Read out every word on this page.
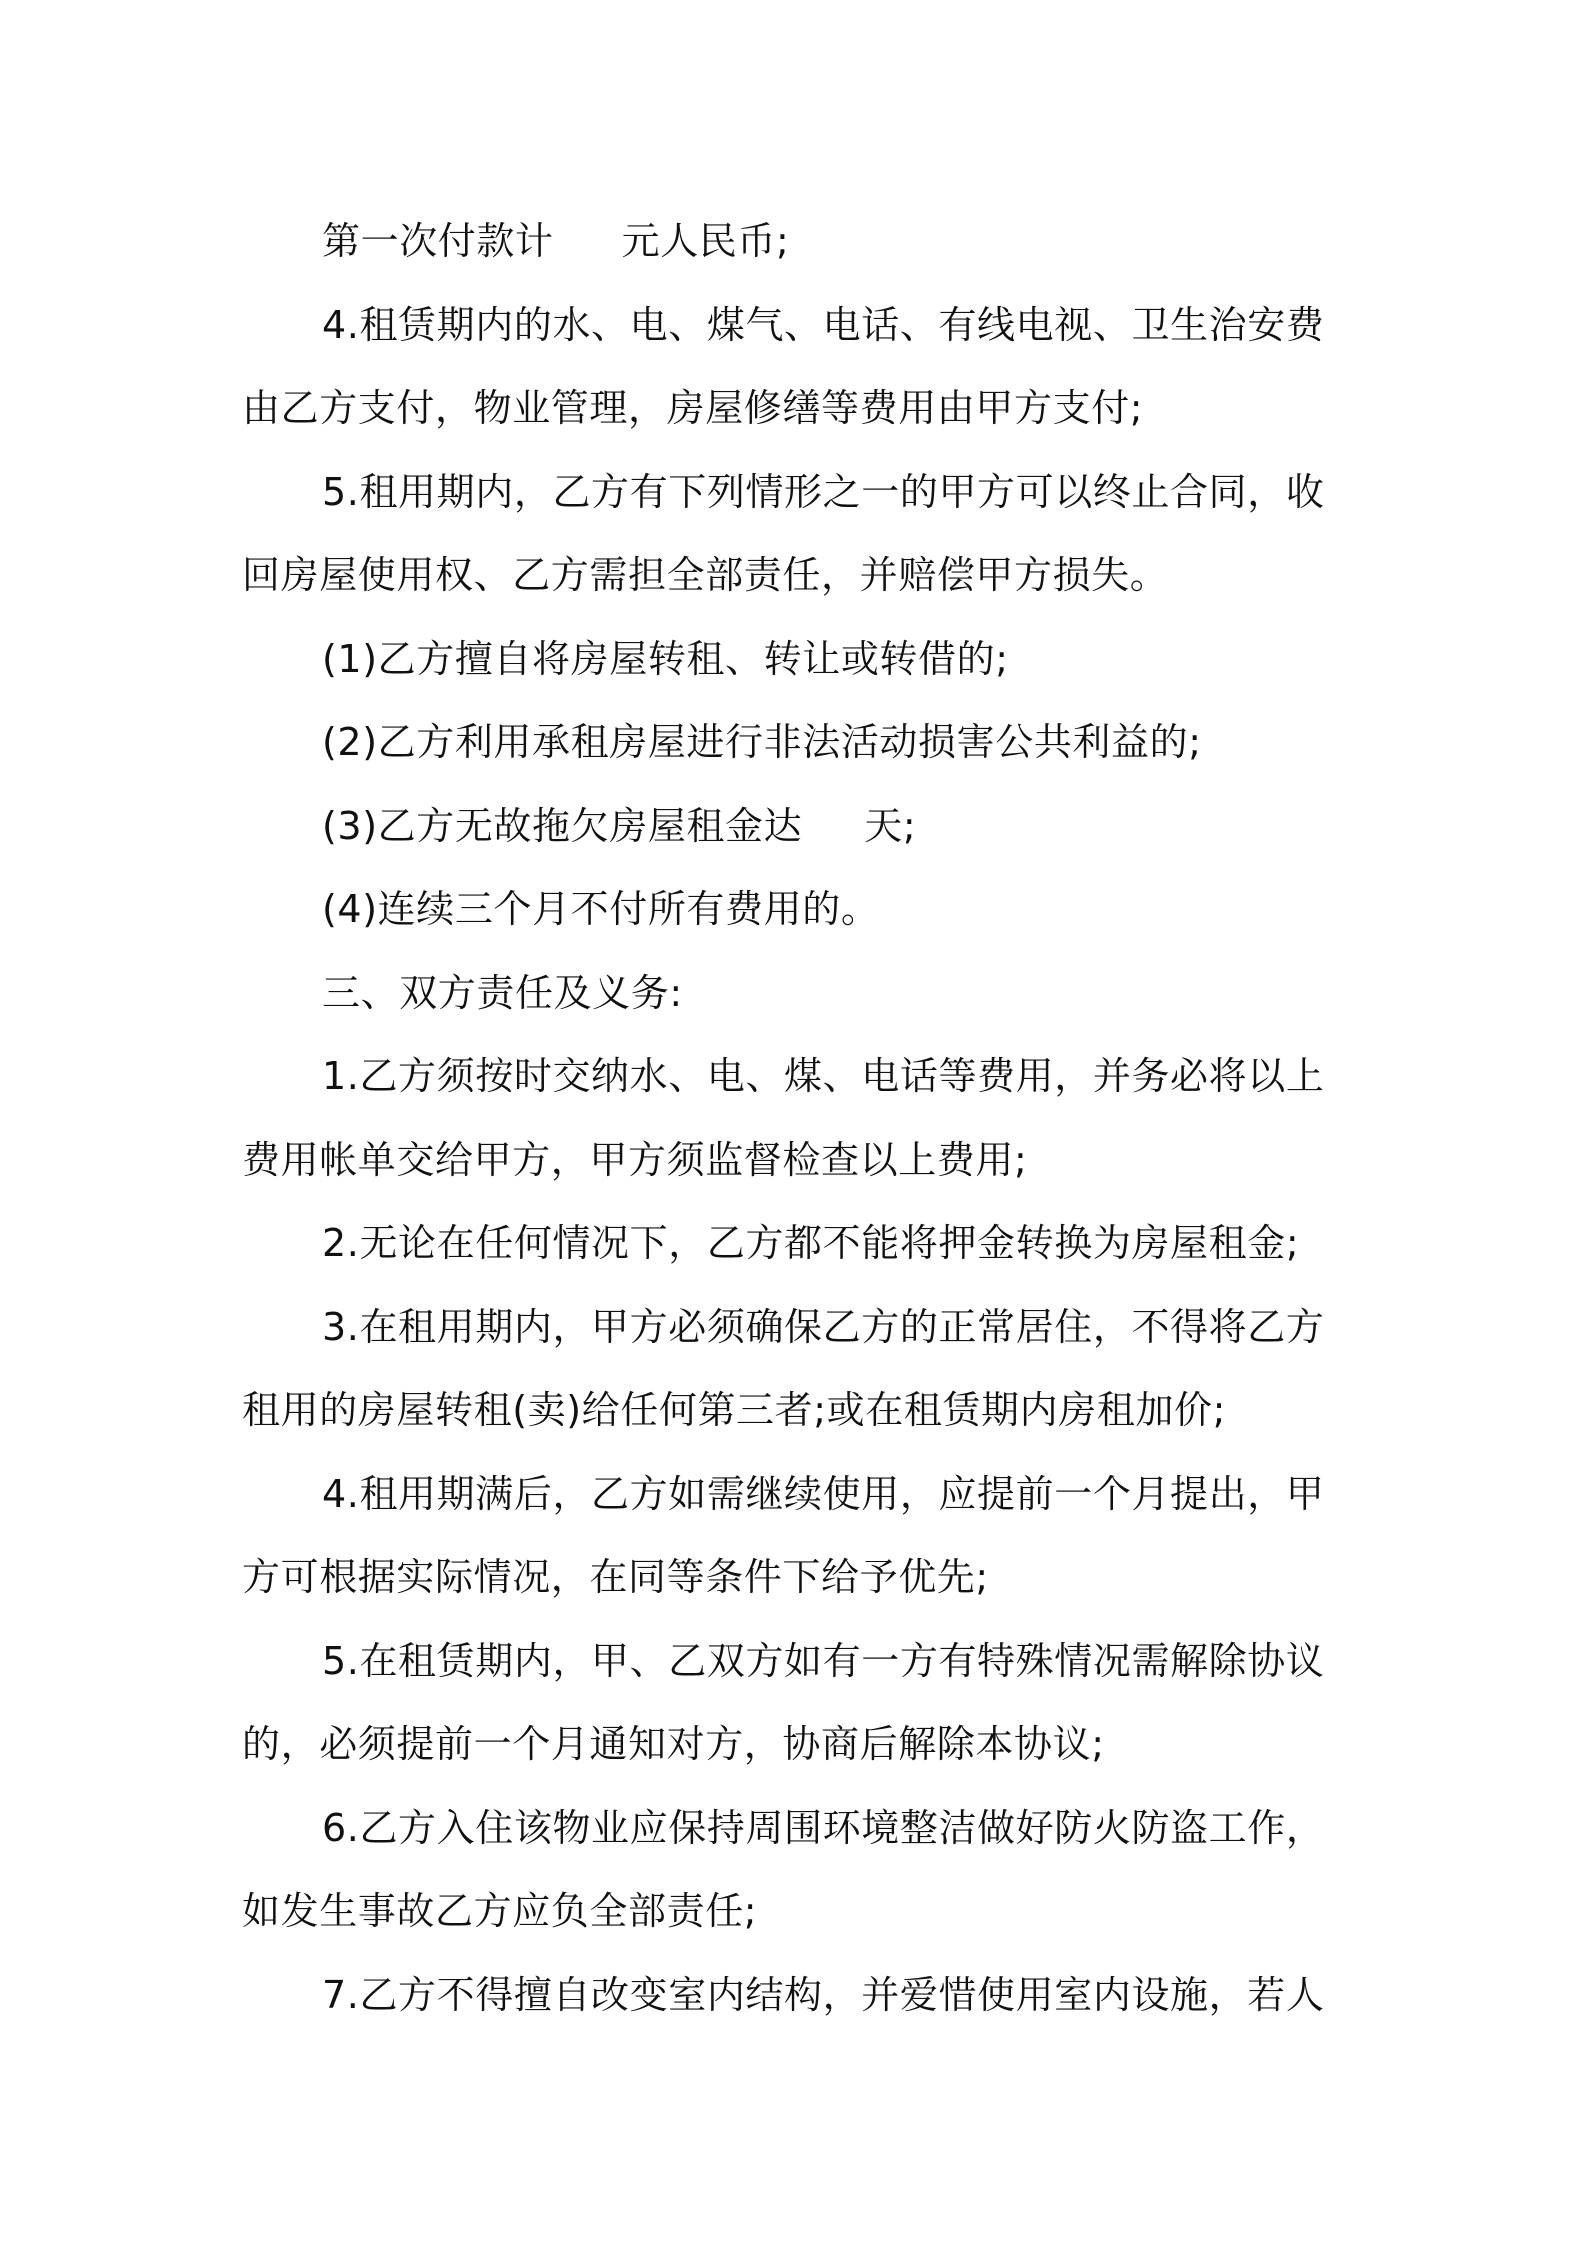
第一次付款计 元人民币;

4.租赁期内的水、电、煤气、电话、有线电视、卫生治安费
由乙方支付，物业管理，房屋修缮等费用由甲方支付;

5.租用期内，乙方有下列情形之一的甲方可以终止合同，收
回房屋使用权、乙方需担全部责任，并赔偿甲方损失。

(1)乙方擅自将房屋转租、转让或转借的;

(2)乙方利用承租房屋进行非法活动损害公共利益的;

(3)乙方无故拖欠房屋租金达 天;

(4)连续三个月不付所有费用的。

三、双方责任及义务:

1.乙方须按时交纳水、电、煤、电话等费用，并务必将以上
费用帐单交给甲方，甲方须监督检查以上费用;

2.无论在任何情况下，乙方都不能将押金转换为房屋租金;

3.在租用期内，甲方必须确保乙方的正常居住，不得将乙方
租用的房屋转租(卖)给任何第三者;或在租赁期内房租加价;

4.租用期满后，乙方如需继续使用，应提前一个月提出，甲
方可根据实际情况，在同等条件下给予优先;

5.在租赁期内，甲、乙双方如有一方有特殊情况需解除协议
的，必须提前一个月通知对方，协商后解除本协议;

6.乙方入住该物业应保持周围环境整洁做好防火防盗工作，
如发生事故乙方应负全部责任;

7.乙方不得擅自改变室内结构，并爱惜使用室内设施，若人
